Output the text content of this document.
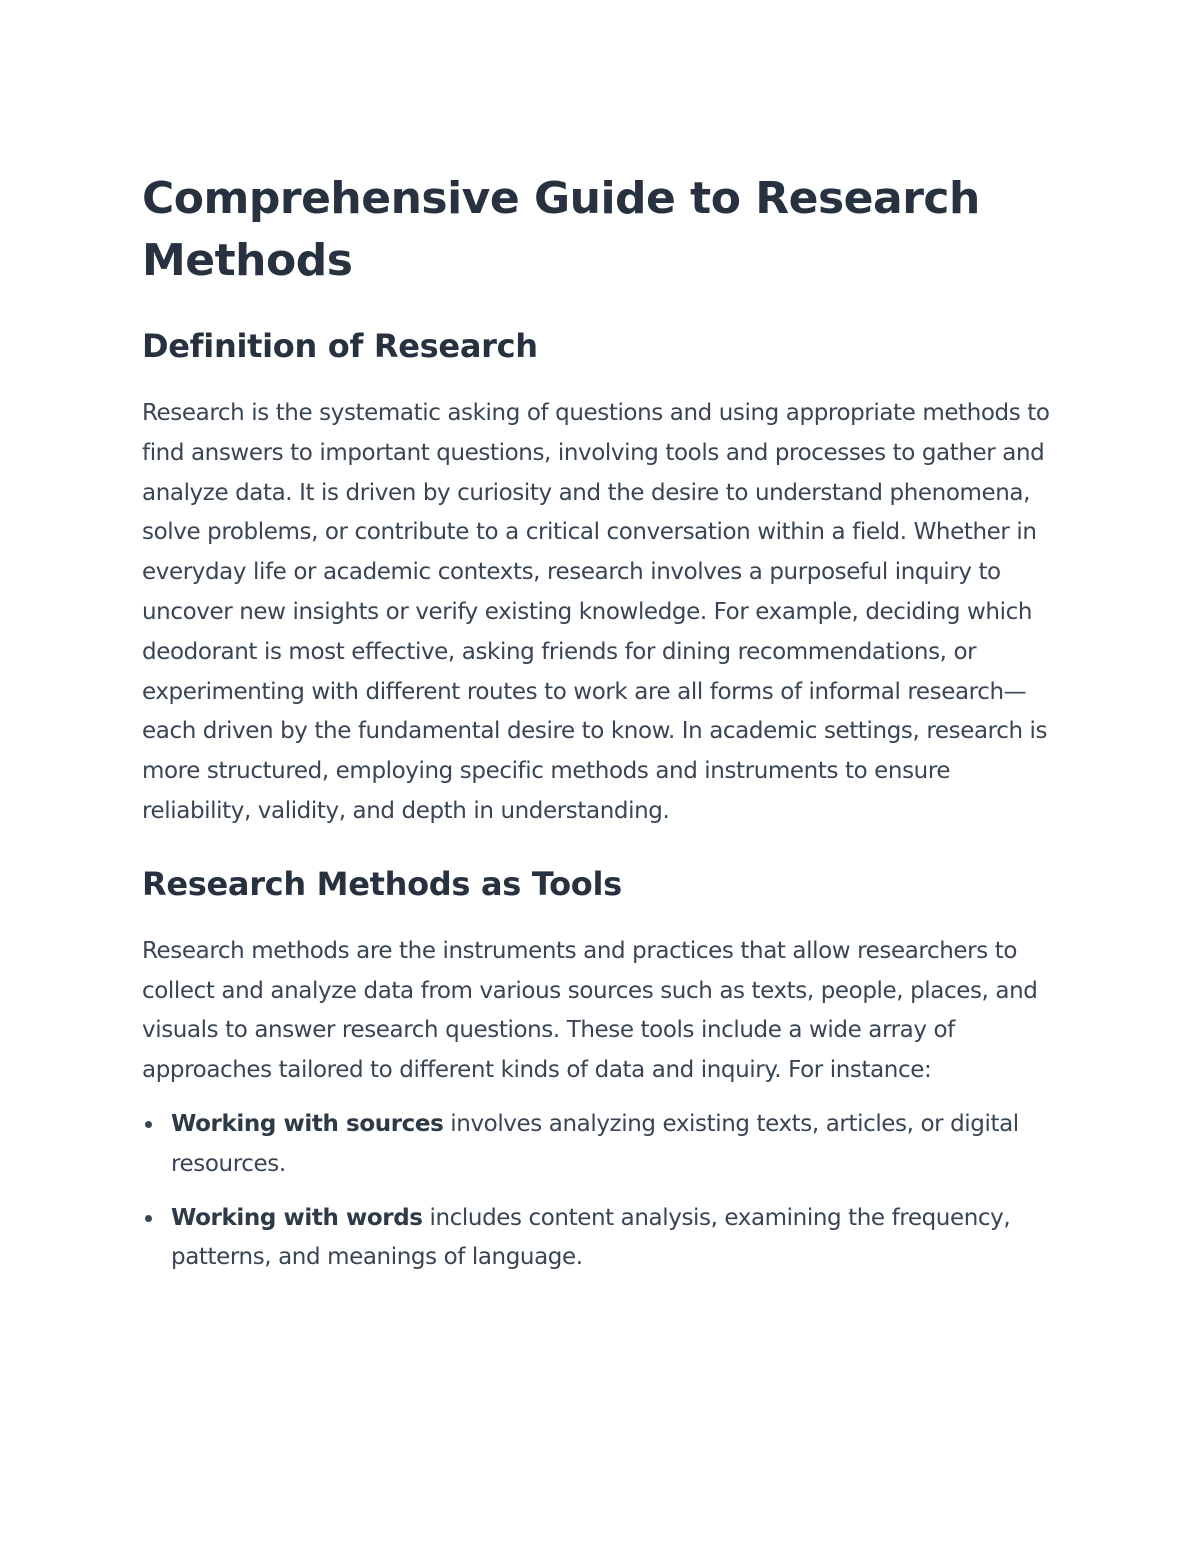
Comprehensive Guide to Research Methods
Definition of Research

Research is the systematic asking of questions and using appropriate methods to find answers to important questions, involving tools and processes to gather and analyze data. It is driven by curiosity and the desire to understand phenomena, solve problems, or contribute to a critical conversation within a field. Whether in everyday life or academic contexts, research involves a purposeful inquiry to uncover new insights or verify existing knowledge. For example, deciding which deodorant is most effective, asking friends for dining recommendations, or experimenting with different routes to work are all forms of informal research—each driven by the fundamental desire to know. In academic settings, research is more structured, employing specific methods and instruments to ensure reliability, validity, and depth in understanding.

Research Methods as Tools

Research methods are the instruments and practices that allow researchers to collect and analyze data from various sources such as texts, people, places, and visuals to answer research questions. These tools include a wide array of approaches tailored to different kinds of data and inquiry. For instance:

Working with sources involves analyzing existing texts, articles, or digital resources.
Working with words includes content analysis, examining the frequency, patterns, and meanings of language.
